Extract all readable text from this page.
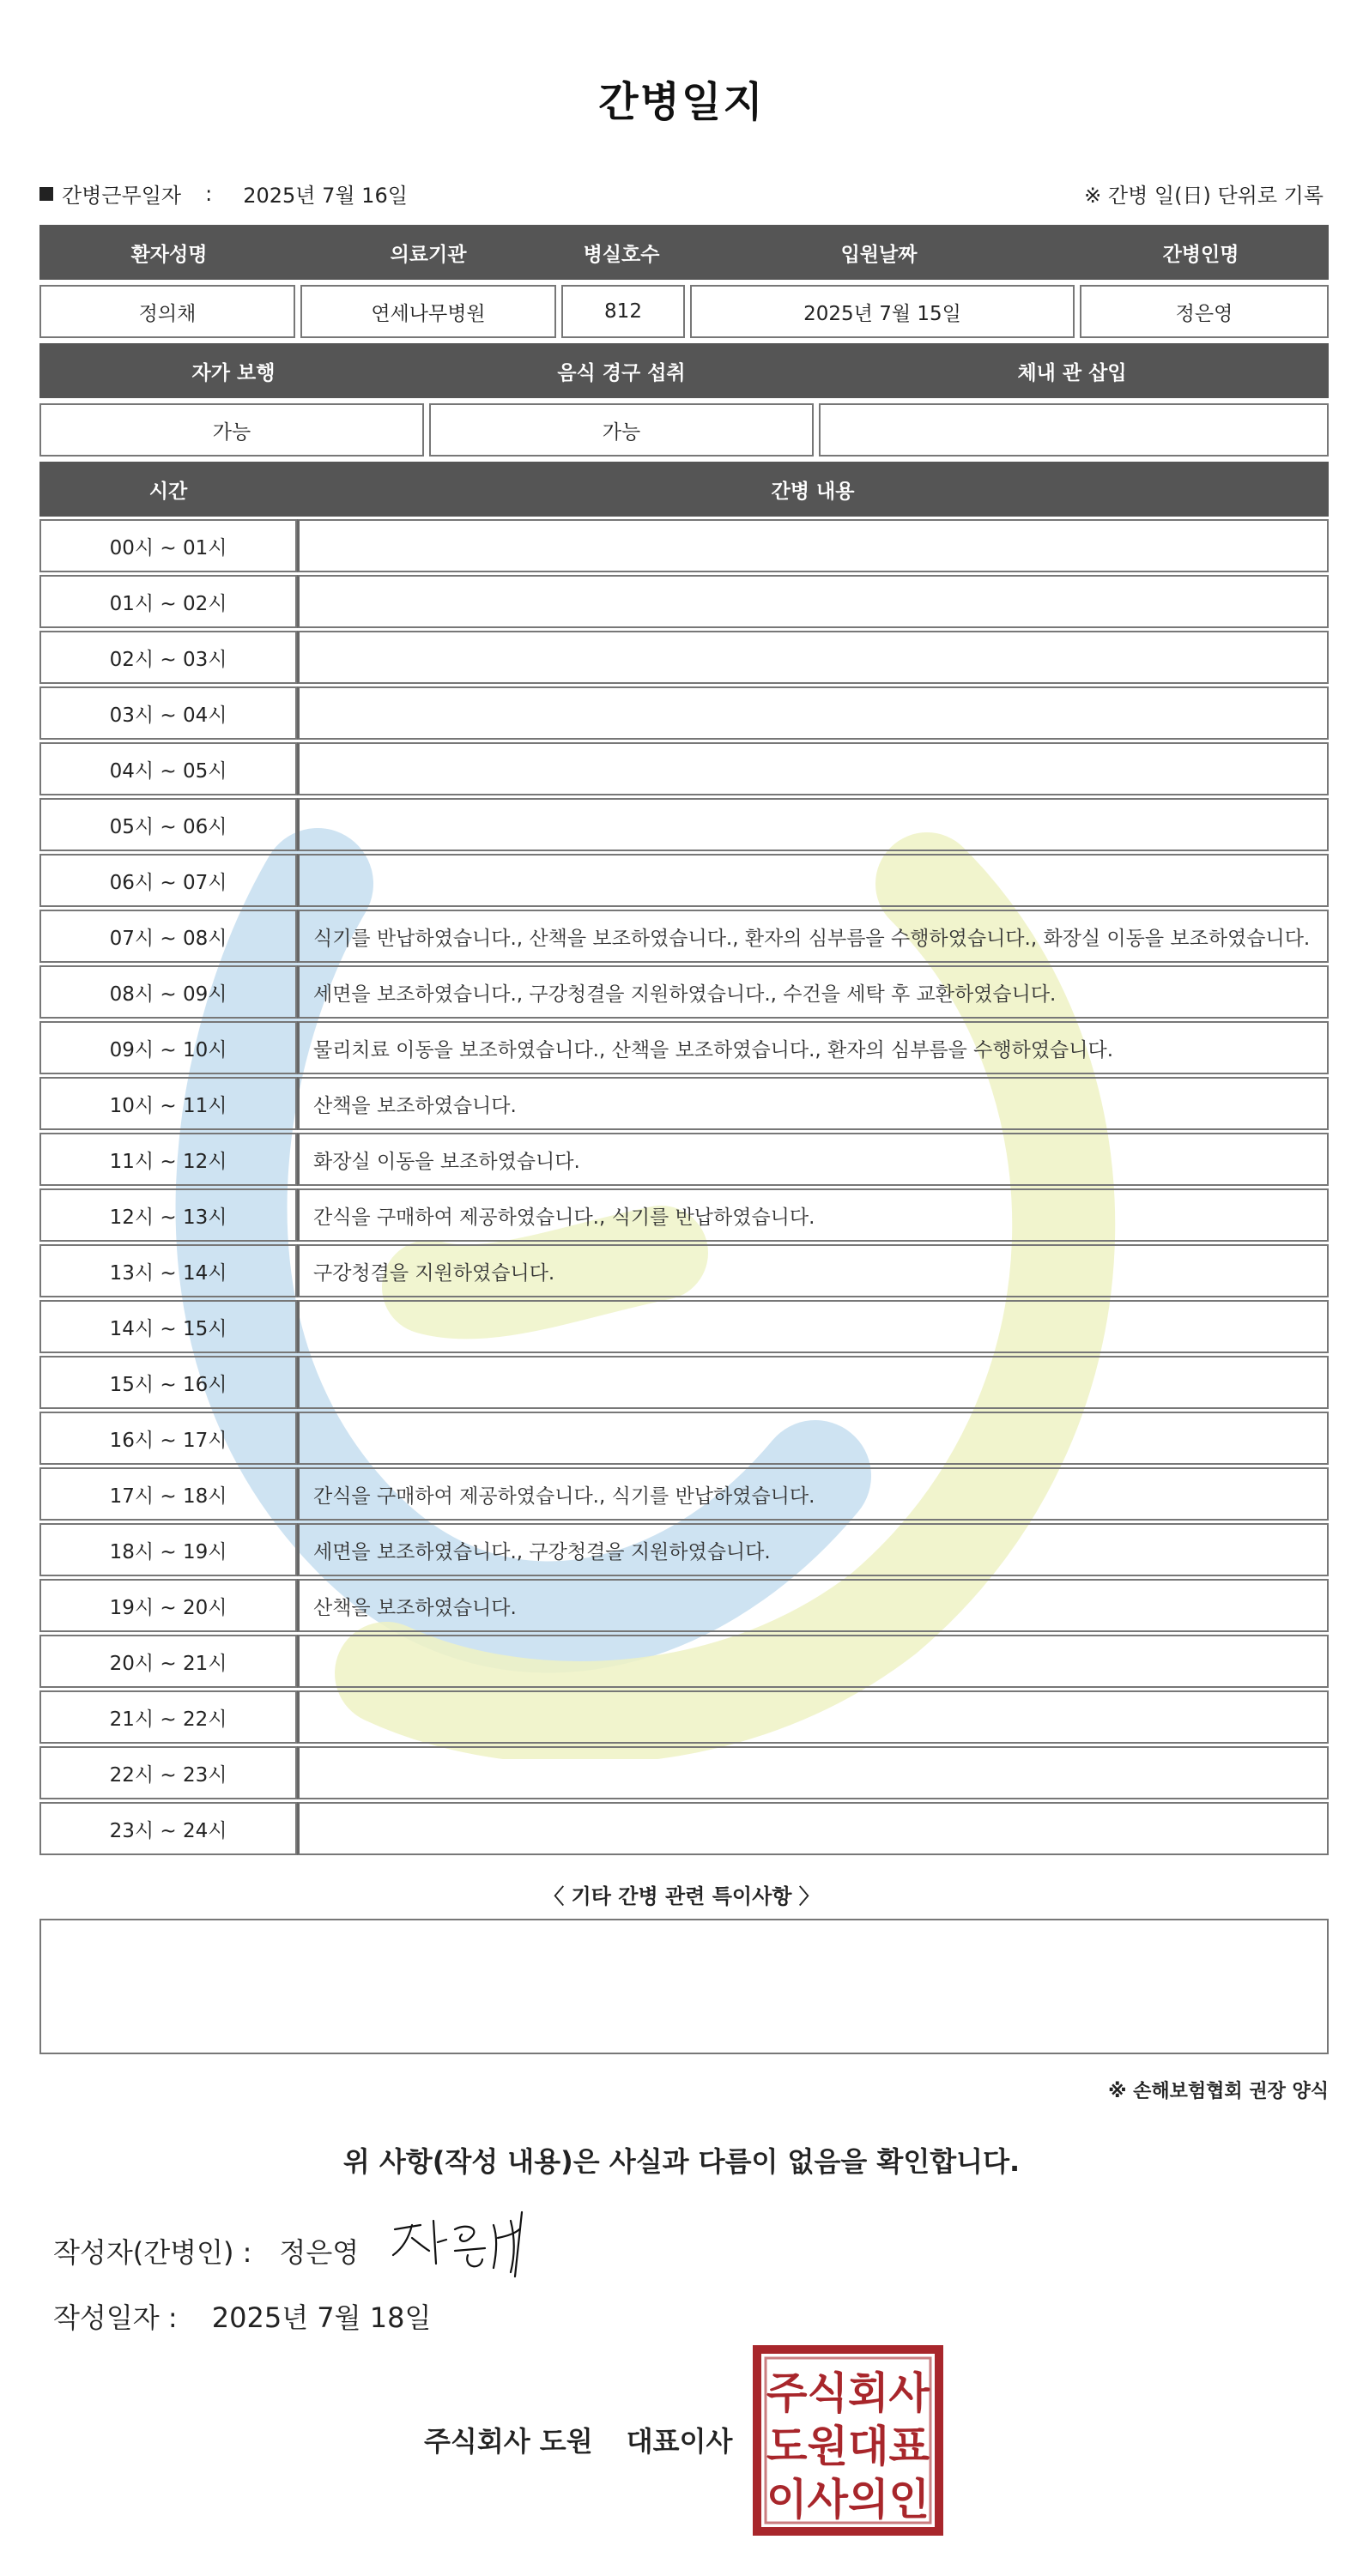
간병일지
간병근무일자 : 2025년 7월 16일	※ 간병 일(日) 단위로 기록
환자성명	의료기관	병실호수	입원날짜	간병인명
정의채	연세나무병원	812	2025년 7월 15일	정은영
자가 보행	음식 경구 섭취	체내 관 삽입
가능	가능
시간	간병 내용
00시 ~ 01시
01시 ~ 02시
02시 ~ 03시
03시 ~ 04시
04시 ~ 05시
05시 ~ 06시
06시 ~ 07시
07시 ~ 08시	식기를 반납하였습니다., 산책을 보조하였습니다., 환자의 심부름을 수행하였습니다., 화장실 이동을 보조하였습니다.
08시 ~ 09시	세면을 보조하였습니다., 구강청결을 지원하였습니다., 수건을 세탁 후 교환하였습니다.
09시 ~ 10시	물리치료 이동을 보조하였습니다., 산책을 보조하였습니다., 환자의 심부름을 수행하였습니다.
10시 ~ 11시	산책을 보조하였습니다.
11시 ~ 12시	화장실 이동을 보조하였습니다.
12시 ~ 13시	간식을 구매하여 제공하였습니다., 식기를 반납하였습니다.
13시 ~ 14시	구강청결을 지원하였습니다.
14시 ~ 15시
15시 ~ 16시
16시 ~ 17시
17시 ~ 18시	간식을 구매하여 제공하였습니다., 식기를 반납하였습니다.
18시 ~ 19시	세면을 보조하였습니다., 구강청결을 지원하였습니다.
19시 ~ 20시	산책을 보조하였습니다.
20시 ~ 21시
21시 ~ 22시
22시 ~ 23시
23시 ~ 24시
〈 기타 간병 관련 특이사항 〉
※ 손해보험협회 권장 양식
위 사항(작성 내용)은 사실과 다름이 없음을 확인합니다.
작성자(간병인) : 정은영
작성일자 : 2025년 7월 18일
주식회사 도원 대표이사
주식회사
도원대표
이사의인
